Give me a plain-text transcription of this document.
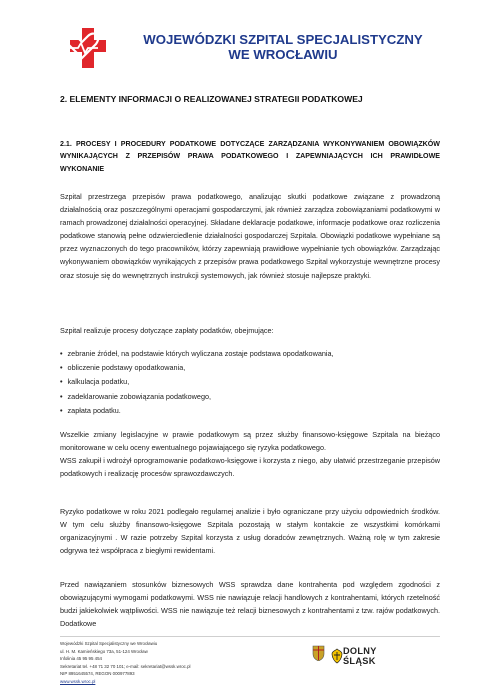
WOJEWÓDZKI SZPITAL SPECJALISTYCZNY
WE WROCŁAWIU
2. ELEMENTY INFORMACJI O REALIZOWANEJ STRATEGII PODATKOWEJ
2.1. PROCESY I PROCEDURY PODATKOWE DOTYCZĄCE ZARZĄDZANIA WYKONYWANIEM OBOWIĄZKÓW WYNIKAJĄCYCH Z PRZEPISÓW PRAWA PODATKOWEGO I ZAPEWNIAJĄCYCH ICH PRAWIDŁOWE WYKONANIE
Szpital przestrzega przepisów prawa podatkowego, analizując skutki podatkowe związane z prowadzoną działalnością oraz poszczególnymi operacjami gospodarczymi, jak również zarządza zobowiązaniami podatkowymi w ramach prowadzonej działalności operacyjnej. Składane deklaracje podatkowe, informacje podatkowe oraz rozliczenia podatkowe stanowią pełne odzwierciedlenie działalności gospodarczej Szpitala. Obowiązki podatkowe wypełniane są przez wyznaczonych do tego pracowników, którzy zapewniają prawidłowe wypełnianie tych obowiązków. Zarządzając wykonywaniem obowiązków wynikających z przepisów prawa podatkowego Szpital wykorzystuje wewnętrzne procesy oraz stosuje się do wewnętrznych instrukcji systemowych, jak również stosuje najlepsze praktyki.
Szpital realizuje procesy dotyczące zapłaty podatków, obejmujące:
• zebranie źródeł, na podstawie których wyliczana zostaje podstawa opodatkowania,
• obliczenie podstawy opodatkowania,
• kalkulacja podatku,
• zadeklarowanie zobowiązania podatkowego,
• zapłata podatku.
Wszelkie zmiany legislacyjne w prawie podatkowym są przez służby finansowo-księgowe Szpitala na bieżąco monitorowane w celu oceny ewentualnego pojawiającego się ryzyka podatkowego.
WSS zakupił i wdrożył oprogramowanie podatkowo-księgowe i korzysta z niego, aby ułatwić przestrzeganie przepisów podatkowych i realizację procesów sprawozdawczych.
Ryzyko podatkowe w roku 2021 podlegało regularnej analizie i było ograniczane przy użyciu odpowiednich środków. W tym celu służby finansowo-księgowe Szpitala pozostają w stałym kontakcie ze wszystkimi komórkami organizacyjnymi . W razie potrzeby Szpital korzysta z usług doradców zewnętrznych. Ważną rolę w tym zakresie odgrywa też współpraca z biegłymi rewidentami.
Przed nawiązaniem stosunków biznesowych WSS sprawdza dane kontrahenta pod względem zgodności z obowiązującymi wymogami podatkowymi. WSS nie nawiązuje relacji handlowych z kontrahentami, których rzetelność budzi jakiekolwiek wątpliwości. WSS nie nawiązuje też relacji biznesowych z kontrahentami z tzw. rajów podatkowych. Dodatkowe
Wojewódzki Szpital Specjalistyczny we Wrocławiu
ul. H. M. Kamieńskiego 73a, 51-124 Wrocław
Infolinia 45 95 95 454
Sekretariat tel. +48 71 32 70 101; e-mail: sekretariat@wssk.wroc.pl
NIP 8951645574, REGON 000977893
www.wssk.wroc.pl
DOLNY
ŚLĄSK
